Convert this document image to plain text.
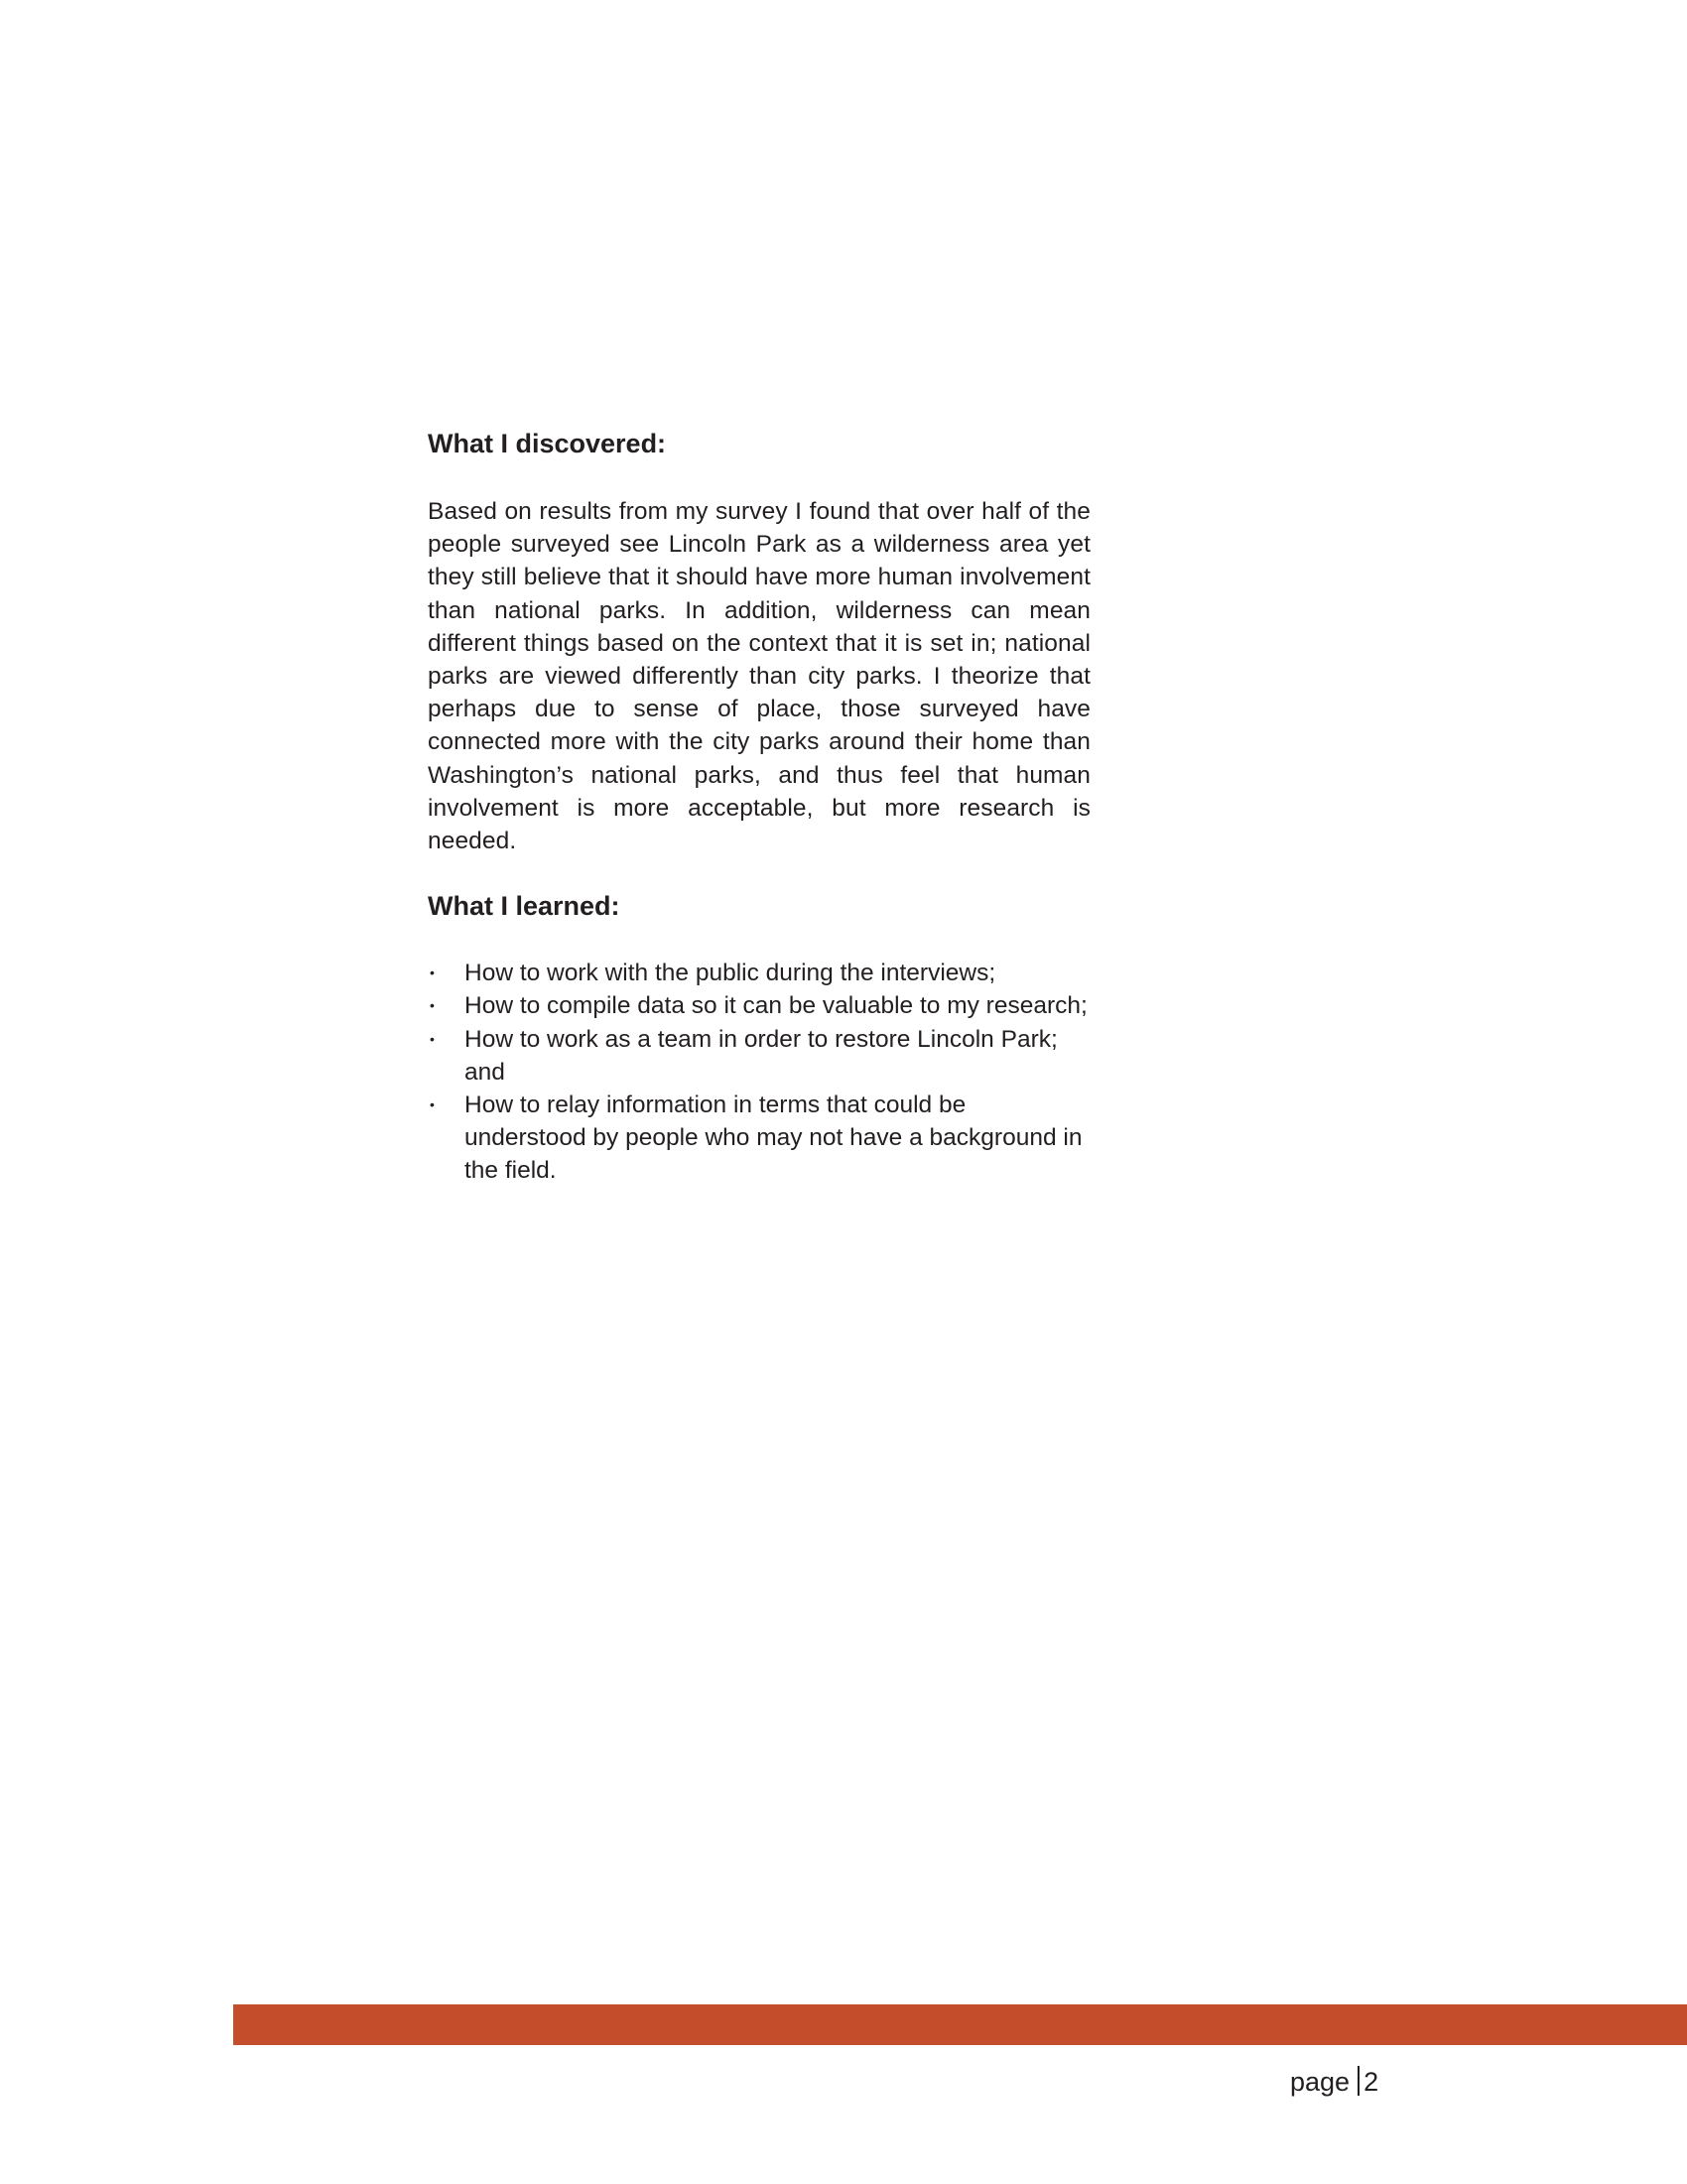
What I discovered:

Based on results from my survey I found that over half of the people surveyed see Lincoln Park as a wilderness area yet they still believe that it should have more human involvement than national parks. In addition, wilderness can mean different things based on the context that it is set in; national parks are viewed differently than city parks. I theorize that perhaps due to sense of place, those surveyed have connected more with the city parks around their home than Washington’s national parks, and thus feel that human involvement is more acceptable, but more research is needed.

What I learned:
• How to work with the public during the interviews;
• How to compile data so it can be valuable to my research;
• How to work as a team in order to restore Lincoln Park; and
• How to relay information in terms that could be understood by people who may not have a background in the field.
page 2
